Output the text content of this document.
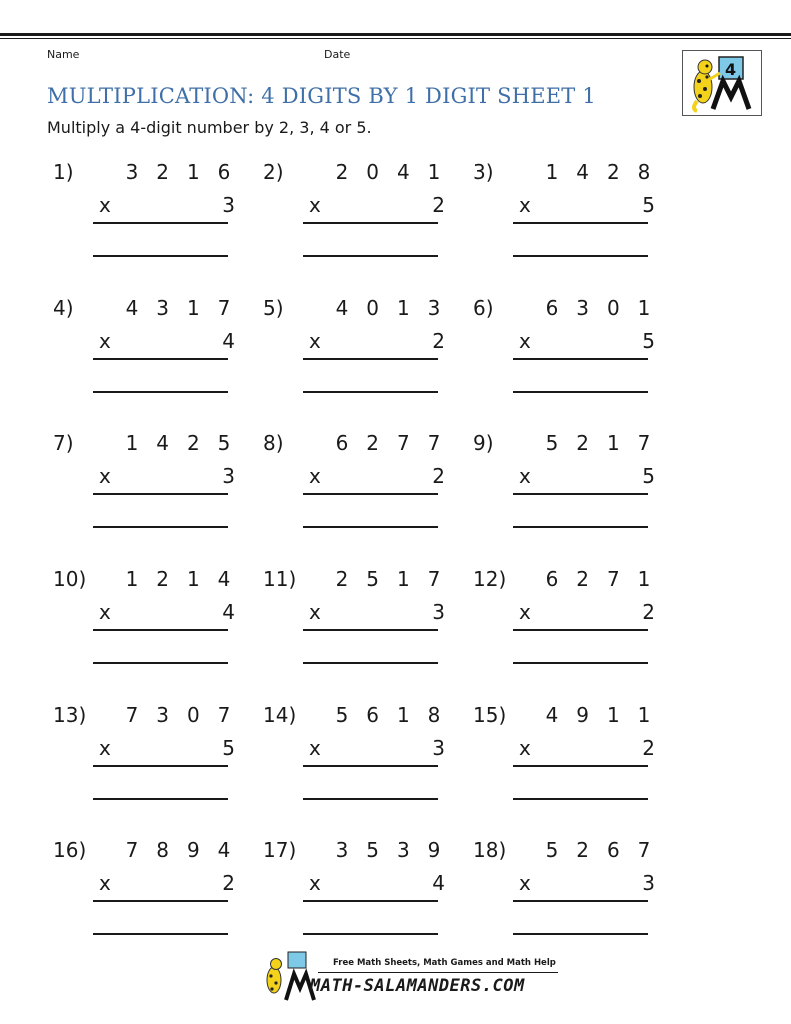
Name	Date
MULTIPLICATION: 4 DIGITS BY 1 DIGIT SHEET 1
Multiply a 4-digit number by 2, 3, 4 or 5.
4
1)	3 2 1 6
x	3
2)	2 0 4 1
x	2
3)	1 4 2 8
x	5
4)	4 3 1 7
x	4
5)	4 0 1 3
x	2
6)	6 3 0 1
x	5
7)	1 4 2 5
x	3
8)	6 2 7 7
x	2
9)	5 2 1 7
x	5
10) 1 2 1 4
x	4
11) 2 5 1 7
x	3
12) 6 2 7 1
x	2
13) 7 3 0 7
x	5
14) 5 6 1 8
x	3
15) 4 9 1 1
x	2
16) 7 8 9 4
x	2
17) 3 5 3 9
x	4
18) 5 2 6 7
x	3
Free Math Sheets, Math Games and Math Help
MATH-SALAMANDERS.COM
